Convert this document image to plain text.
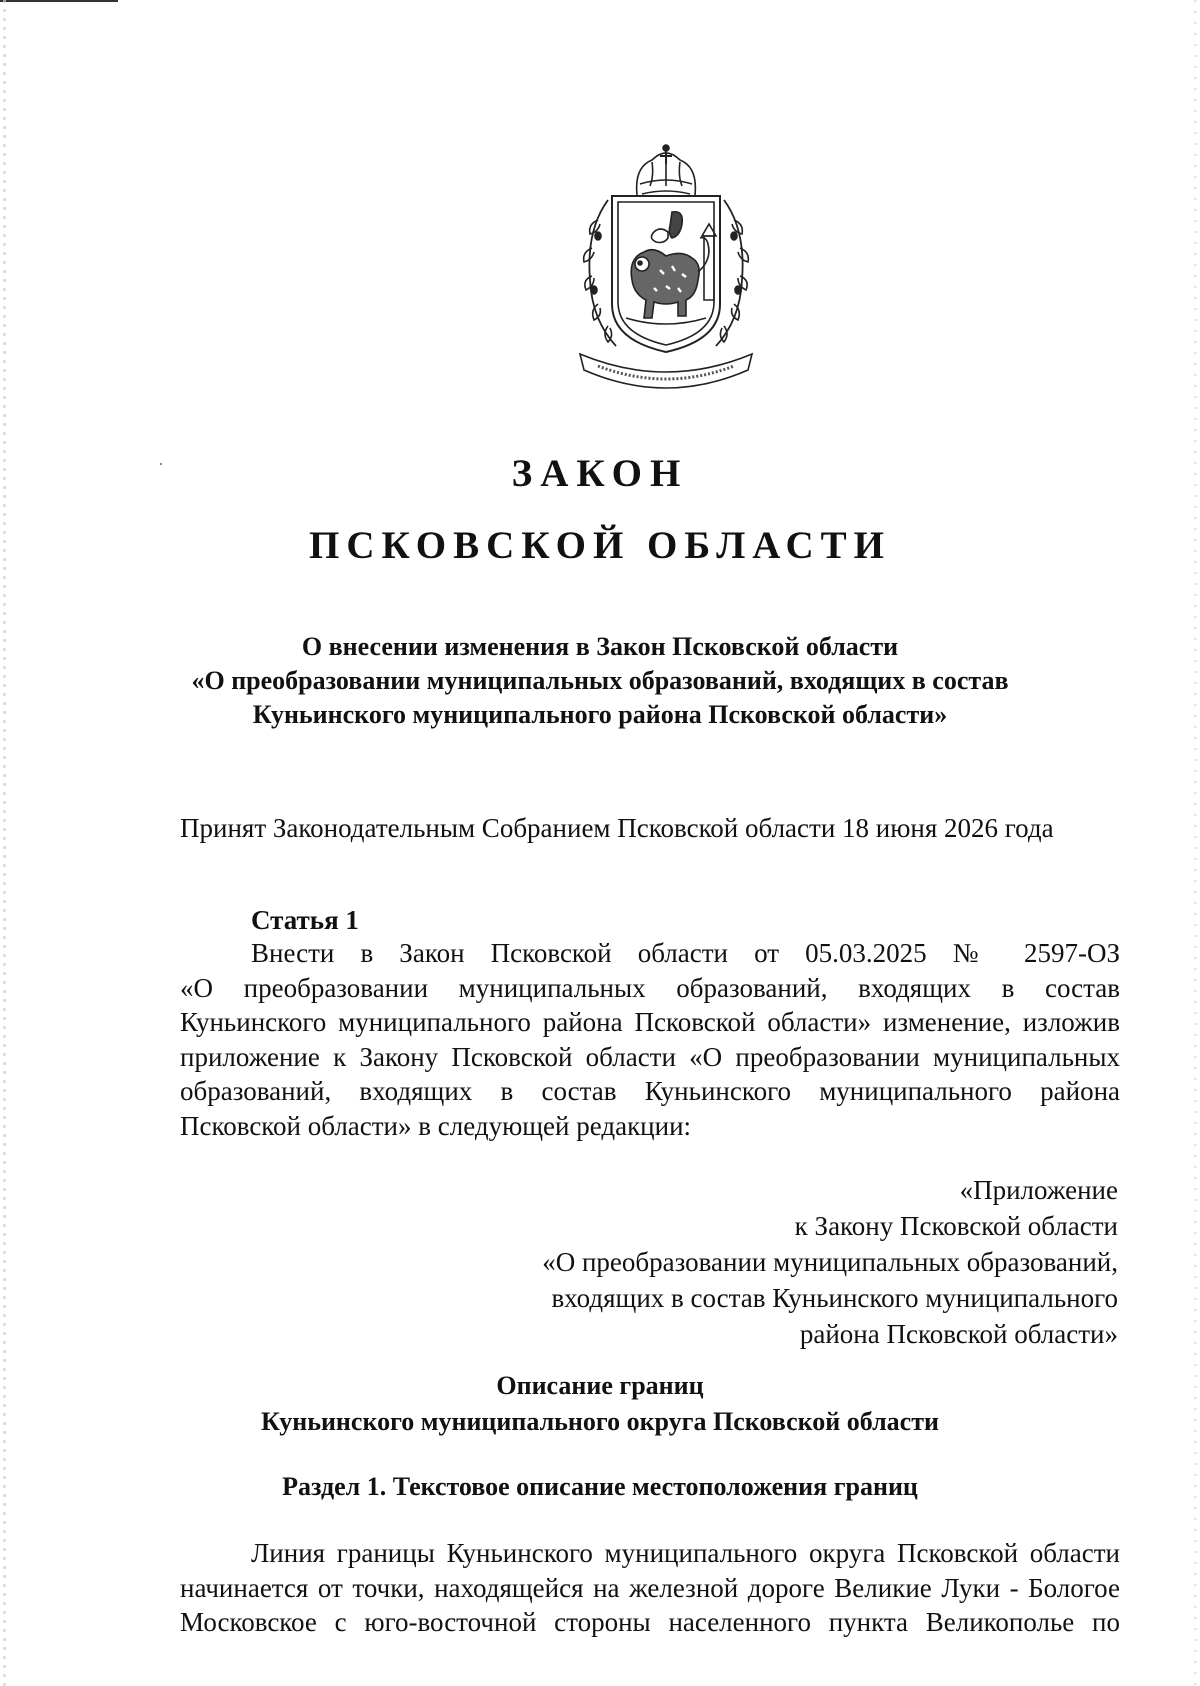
ЗАКОН
ПСКОВСКОЙ ОБЛАСТИ
О внесении изменения в Закон Псковской области
«О преобразовании муниципальных образований, входящих в состав
Куньинского муниципального района Псковской области»
Принят Законодательным Собранием Псковской области 18 июня 2026 года
Статья 1
Внести в Закон Псковской области от 05.03.2025 № 2597-ОЗ
«О преобразовании муниципальных образований, входящих в состав
Куньинского муниципального района Псковской области» изменение, изложив
приложение к Закону Псковской области «О преобразовании муниципальных
образований, входящих в состав Куньинского муниципального района
Псковской области» в следующей редакции:
«Приложение
к Закону Псковской области
«О преобразовании муниципальных образований,
входящих в состав Куньинского муниципального
района Псковской области»
Описание границ
Куньинского муниципального округа Псковской области
Раздел 1. Текстовое описание местоположения границ
Линия границы Куньинского муниципального округа Псковской области
начинается от точки, находящейся на железной дороге Великие Луки - Бологое
Московское с юго-восточной стороны населенного пункта Великополье по
